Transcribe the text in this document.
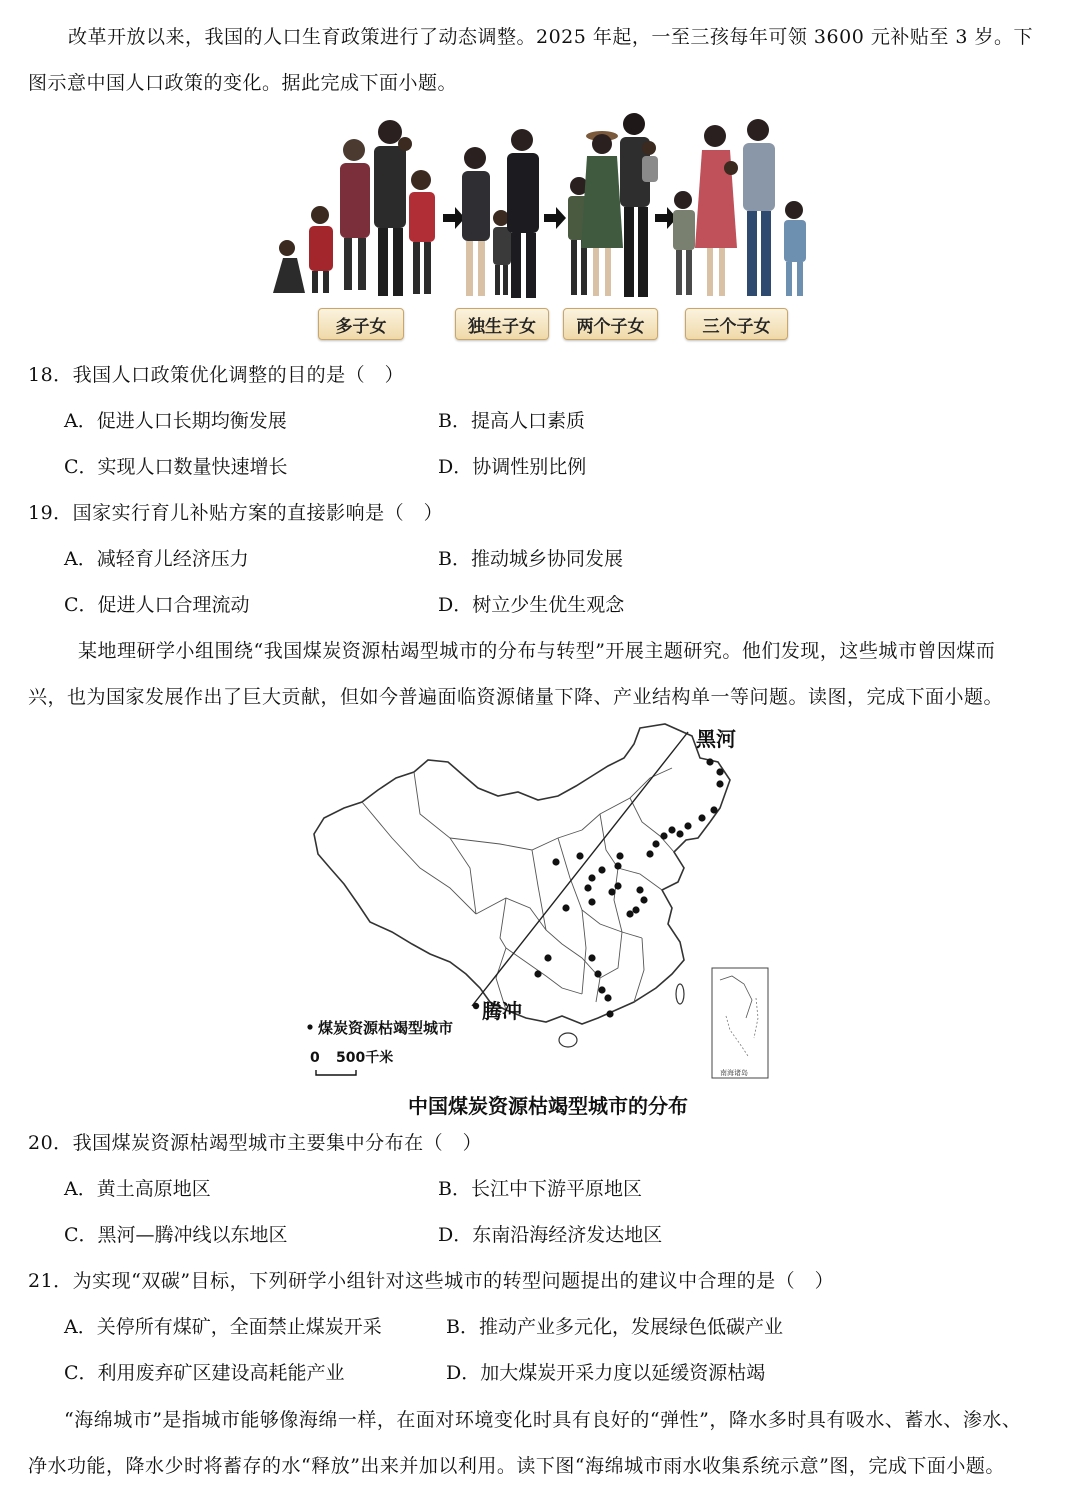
改革开放以来，我国的人口生育政策进行了动态调整。2025 年起，一至三孩每年可领 3600 元补贴至 3 岁。下
图示意中国人口政策的变化。据此完成下面小题。
多子女	独生子女	两个子女	三个子女
18．我国人口政策优化调整的目的是（　）
A．促进人口长期均衡发展	B．提高人口素质
C．实现人口数量快速增长	D．协调性别比例
19．国家实行育儿补贴方案的直接影响是（　）
A．减轻育儿经济压力	B．推动城乡协同发展
C．促进人口合理流动	D．树立少生优生观念
某地理研学小组围绕“我国煤炭资源枯竭型城市的分布与转型”开展主题研究。他们发现，这些城市曾因煤而
兴，也为国家发展作出了巨大贡献，但如今普遍面临资源储量下降、产业结构单一等问题。读图，完成下面小题。
黑河
腾冲
煤炭资源枯竭型城市
0 500千米
南海诸岛
中国煤炭资源枯竭型城市的分布
20．我国煤炭资源枯竭型城市主要集中分布在（　）
A．黄土高原地区	B．长江中下游平原地区
C．黑河—腾冲线以东地区	D．东南沿海经济发达地区
21．为实现“双碳”目标，下列研学小组针对这些城市的转型问题提出的建议中合理的是（　）
A．关停所有煤矿，全面禁止煤炭开采	B．推动产业多元化，发展绿色低碳产业
C．利用废弃矿区建设高耗能产业	D．加大煤炭开采力度以延缓资源枯竭
“海绵城市”是指城市能够像海绵一样，在面对环境变化时具有良好的“弹性”，降水多时具有吸水、蓄水、渗水、
净水功能，降水少时将蓄存的水“释放”出来并加以利用。读下图“海绵城市雨水收集系统示意”图，完成下面小题。
